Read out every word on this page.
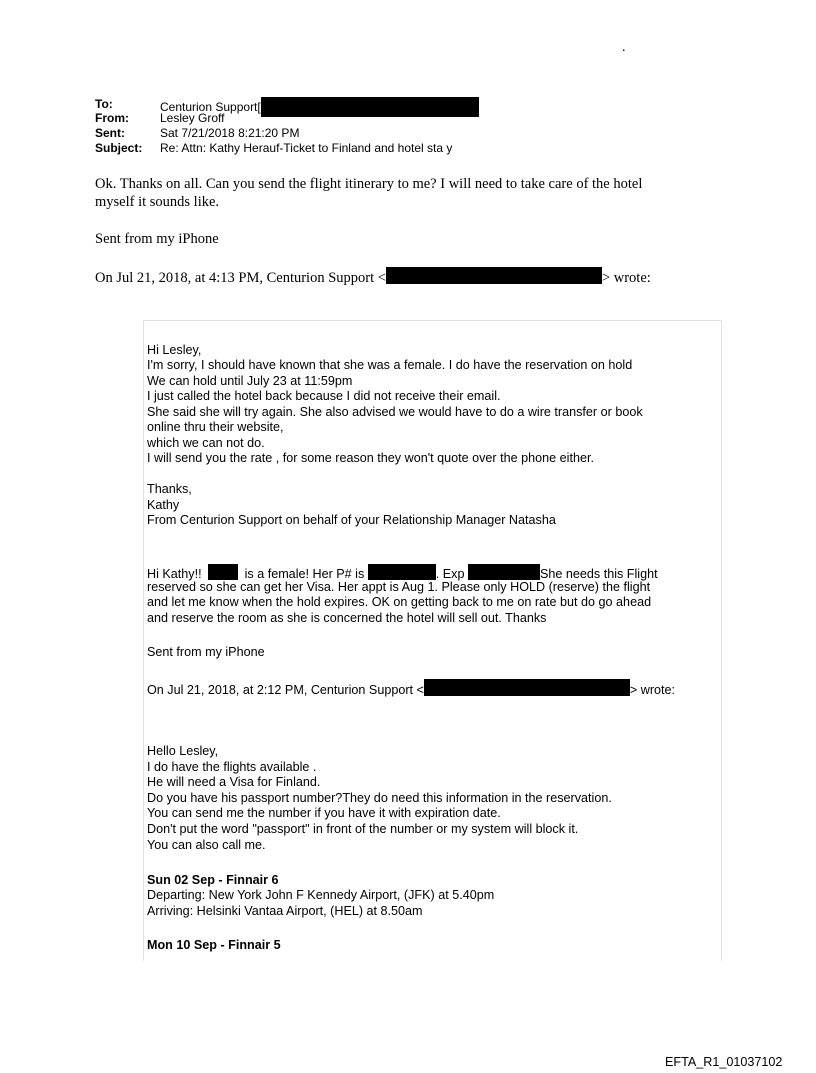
.
To:	Centurion Support[
From:	Lesley Groff
Sent:	Sat 7/21/2018 8:21:20 PM
Subject: Re: Attn: Kathy Herauf-Ticket to Finland and hotel sta y
Ok. Thanks on all. Can you send the flight itinerary to me? I will need to take care of the hotel
myself it sounds like.
Sent from my iPhone
On Jul 21, 2018, at 4:13 PM, Centurion Support <	> wrote:
Hi Lesley,
I'm sorry, I should have known that she was a female. I do have the reservation on hold
We can hold until July 23 at 11:59pm
I just called the hotel back because I did not receive their email.
She said she will try again. She also advised we would have to do a wire transfer or book
online thru their website,
which we can not do.
I will send you the rate , for some reason they won't quote over the phone either.
Thanks,
Kathy
From Centurion Support on behalf of your Relationship Manager Natasha
Hi Kathy!!	is a female! Her P# is	. Exp	She needs this Flight
reserved so she can get her Visa. Her appt is Aug 1. Please only HOLD (reserve) the flight
and let me know when the hold expires. OK on getting back to me on rate but do go ahead
and reserve the room as she is concerned the hotel will sell out. Thanks
Sent from my iPhone
On Jul 21, 2018, at 2:12 PM, Centurion Support <	> wrote:
Hello Lesley,
I do have the flights available .
He will need a Visa for Finland.
Do you have his passport number?They do need this information in the reservation.
You can send me the number if you have it with expiration date.
Don't put the word "passport" in front of the number or my system will block it.
You can also call me.
Sun 02 Sep - Finnair 6
Departing: New York John F Kennedy Airport, (JFK) at 5.40pm
Arriving: Helsinki Vantaa Airport, (HEL) at 8.50am
Mon 10 Sep - Finnair 5
EFTA_R1_01037102
